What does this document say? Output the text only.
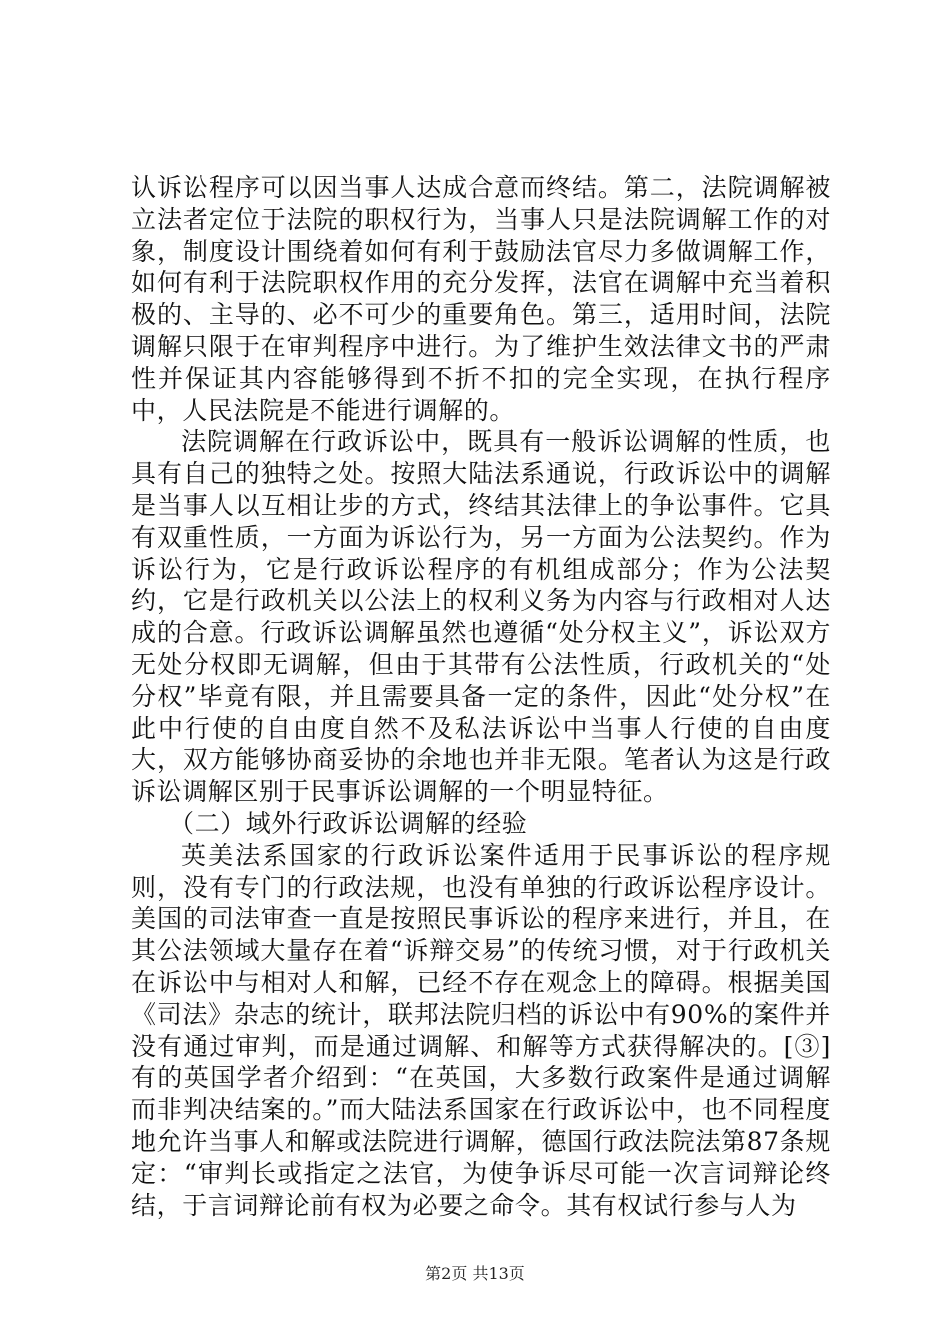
认诉讼程序可以因当事人达成合意而终结。第二，法院调解被立法者定位于法院的职权行为，当事人只是法院调解工作的对象，制度设计围绕着如何有利于鼓励法官尽力多做调解工作，如何有利于法院职权作用的充分发挥，法官在调解中充当着积极的、主导的、必不可少的重要角色。第三，适用时间，法院调解只限于在审判程序中进行。为了维护生效法律文书的严肃性并保证其内容能够得到不折不扣的完全实现，在执行程序中，人民法院是不能进行调解的。

法院调解在行政诉讼中，既具有一般诉讼调解的性质，也具有自己的独特之处。按照大陆法系通说，行政诉讼中的调解是当事人以互相让步的方式，终结其法律上的争讼事件。它具有双重性质，一方面为诉讼行为，另一方面为公法契约。作为诉讼行为，它是行政诉讼程序的有机组成部分；作为公法契约，它是行政机关以公法上的权利义务为内容与行政相对人达成的合意。行政诉讼调解虽然也遵循“处分权主义”，诉讼双方无处分权即无调解，但由于其带有公法性质，行政机关的“处分权”毕竟有限，并且需要具备一定的条件，因此“处分权”在此中行使的自由度自然不及私法诉讼中当事人行使的自由度大，双方能够协商妥协的余地也并非无限。笔者认为这是行政诉讼调解区别于民事诉讼调解的一个明显特征。

（二）域外行政诉讼调解的经验

英美法系国家的行政诉讼案件适用于民事诉讼的程序规则，没有专门的行政法规，也没有单独的行政诉讼程序设计。美国的司法审查一直是按照民事诉讼的程序来进行，并且，在其公法领域大量存在着“诉辩交易”的传统习惯，对于行政机关在诉讼中与相对人和解，已经不存在观念上的障碍。根据美国《司法》杂志的统计，联邦法院归档的诉讼中有90%的案件并没有通过审判，而是通过调解、和解等方式获得解决的。[③]有的英国学者介绍到：“在英国，大多数行政案件是通过调解而非判决结案的。”而大陆法系国家在行政诉讼中，也不同程度地允许当事人和解或法院进行调解，德国行政法院法第87条规定：“审判长或指定之法官，为使争诉尽可能一次言词辩论终结，于言词辩论前有权为必要之命令。其有权试行参与人为

第2页 共13页
